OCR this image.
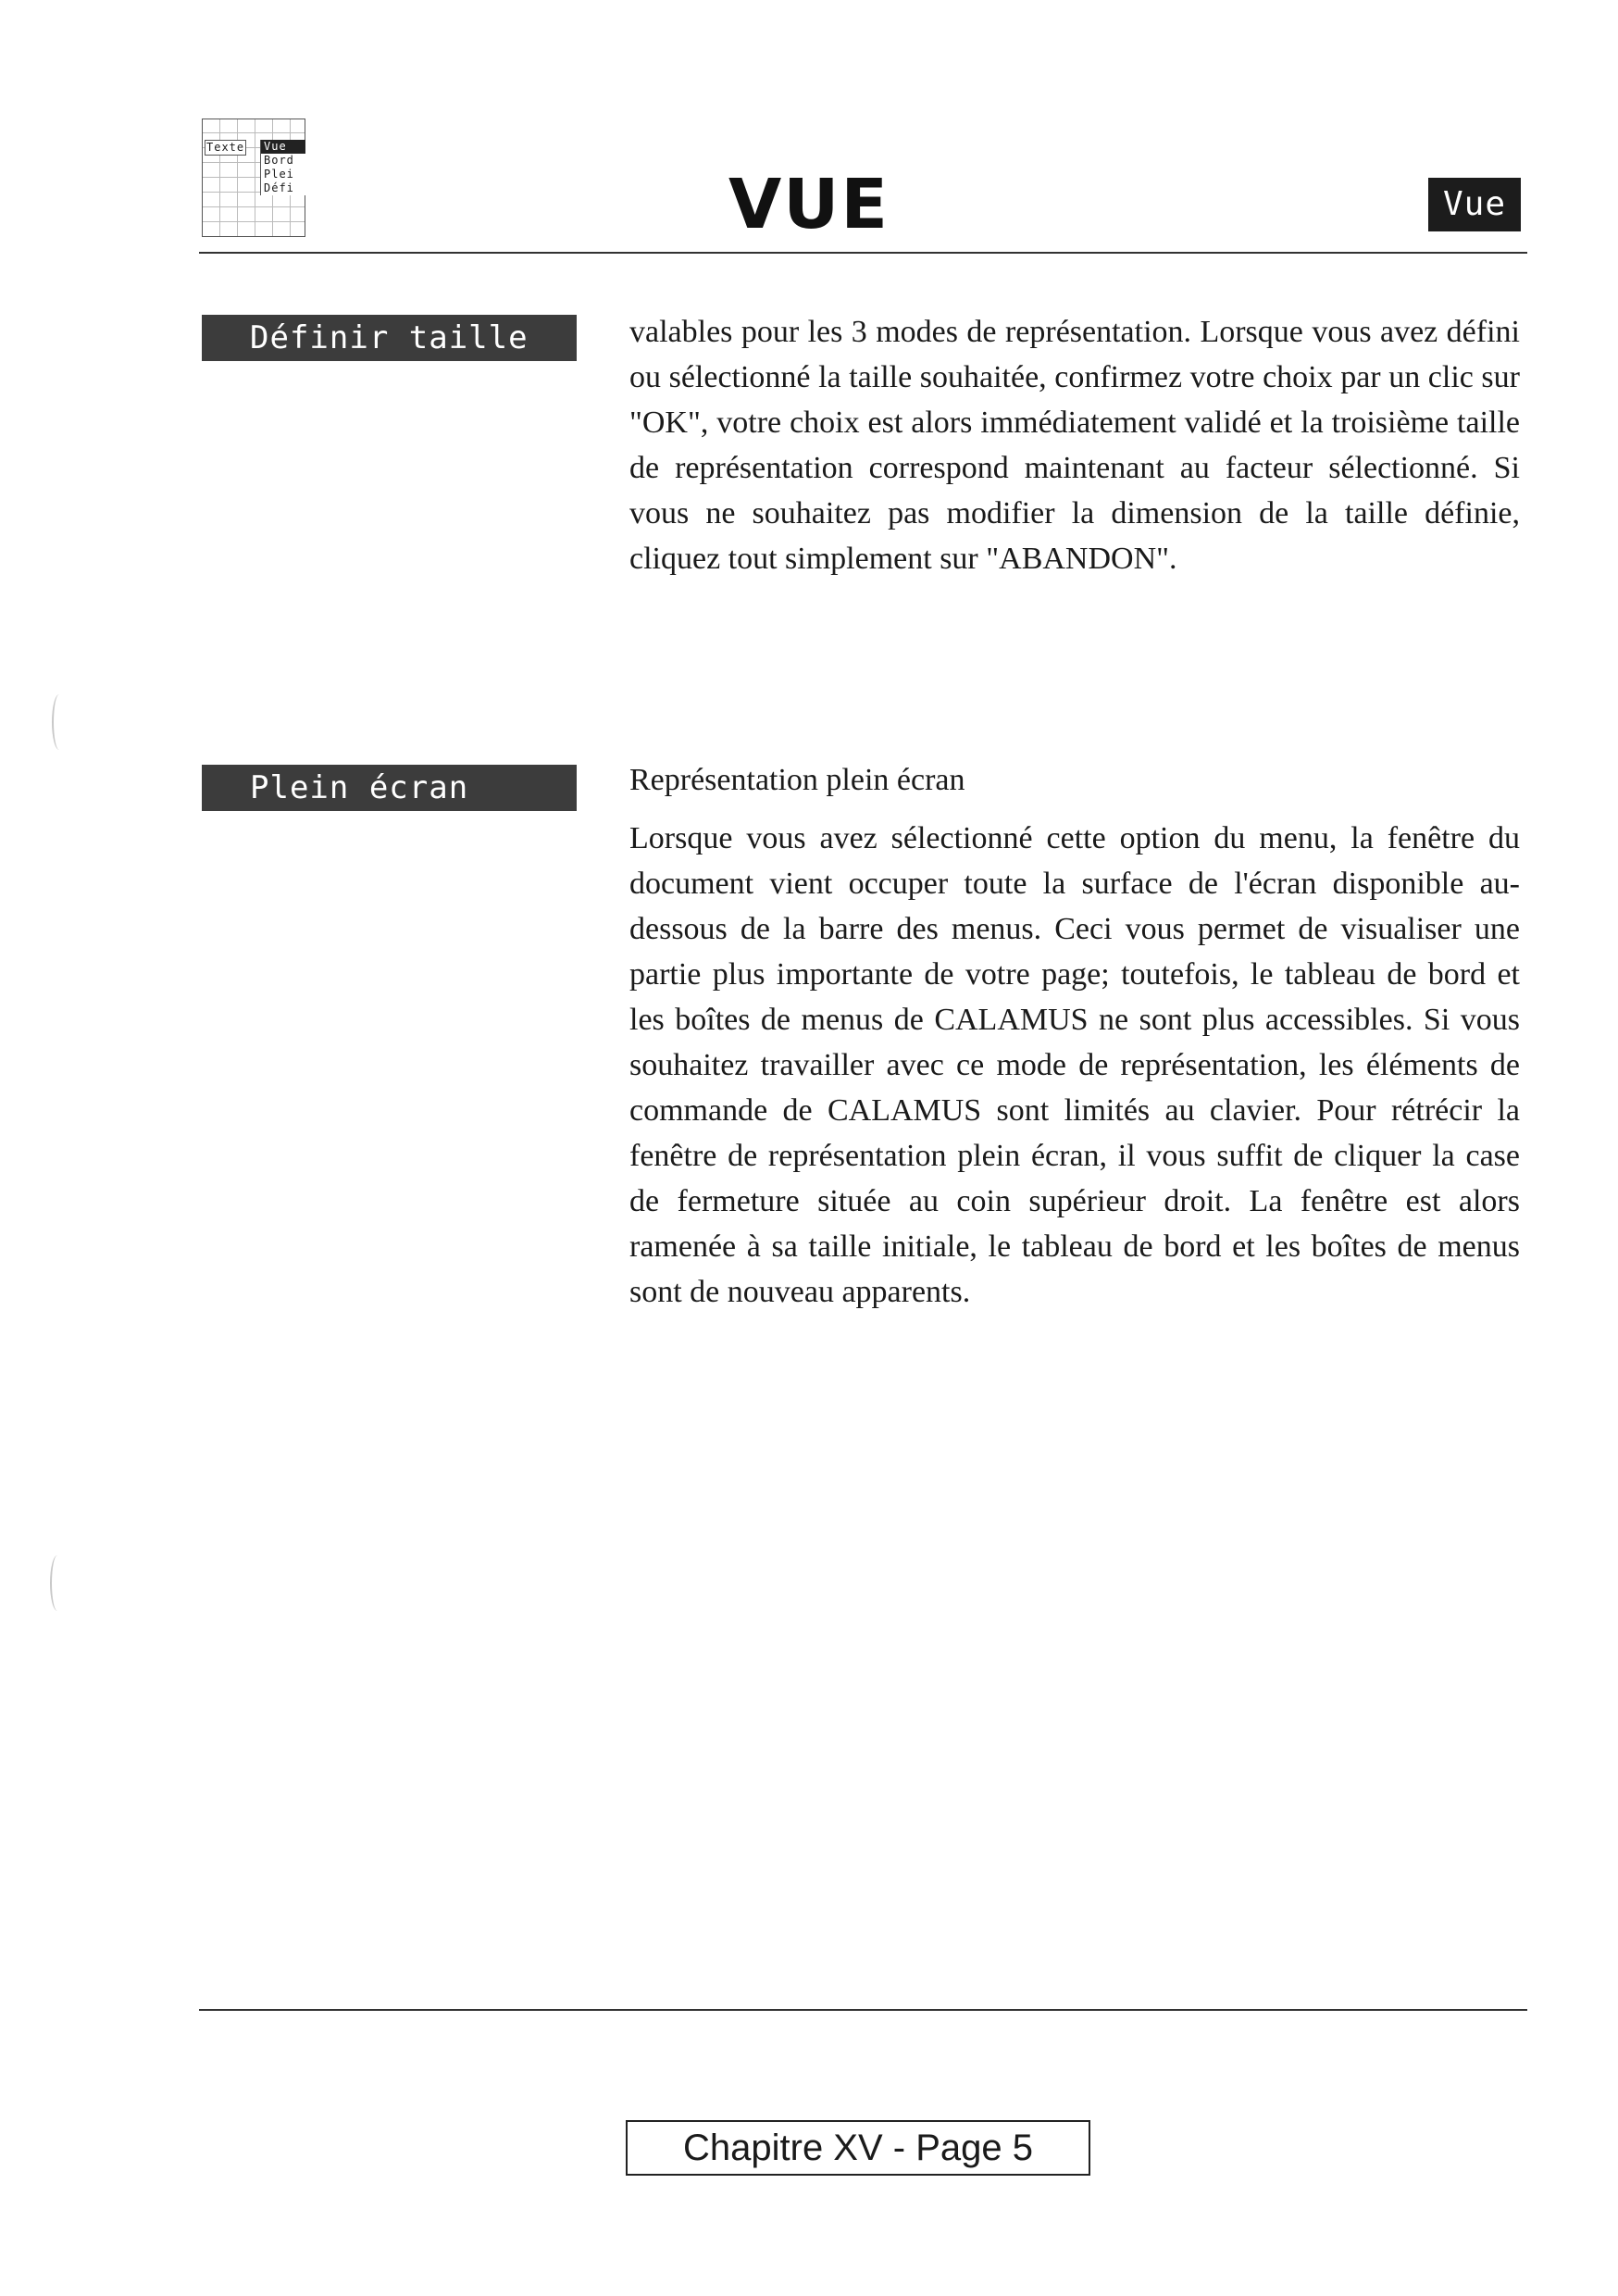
Texte Vue
Bord
Plei
Défi	VUE	Vue
Définir taille	valables pour les 3 modes de représentation. Lorsque vous avez défini ou sélectionné la taille souhaitée, confirmez votre choix par un clic sur "OK", votre choix est alors immédiatement validé et la troisième taille de représentation correspond maintenant au facteur sélectionné. Si vous ne souhaitez pas modifier la dimension de la taille définie, cliquez tout simplement sur "ABANDON".

Plein écran	Représentation plein écran

Lorsque vous avez sélectionné cette option du menu, la fenêtre du document vient occuper toute la surface de l'écran disponible au-dessous de la barre des menus. Ceci vous permet de visualiser une partie plus importante de votre page; toutefois, le tableau de bord et les boîtes de menus de CALAMUS ne sont plus accessibles. Si vous souhaitez travailler avec ce mode de représentation, les éléments de commande de CALAMUS sont limités au clavier. Pour rétrécir la fenêtre de représentation plein écran, il vous suffit de cliquer la case de fermeture située au coin supérieur droit. La fenêtre est alors ramenée à sa taille initiale, le tableau de bord et les boîtes de menus sont de nouveau apparents.

Chapitre XV - Page 5
